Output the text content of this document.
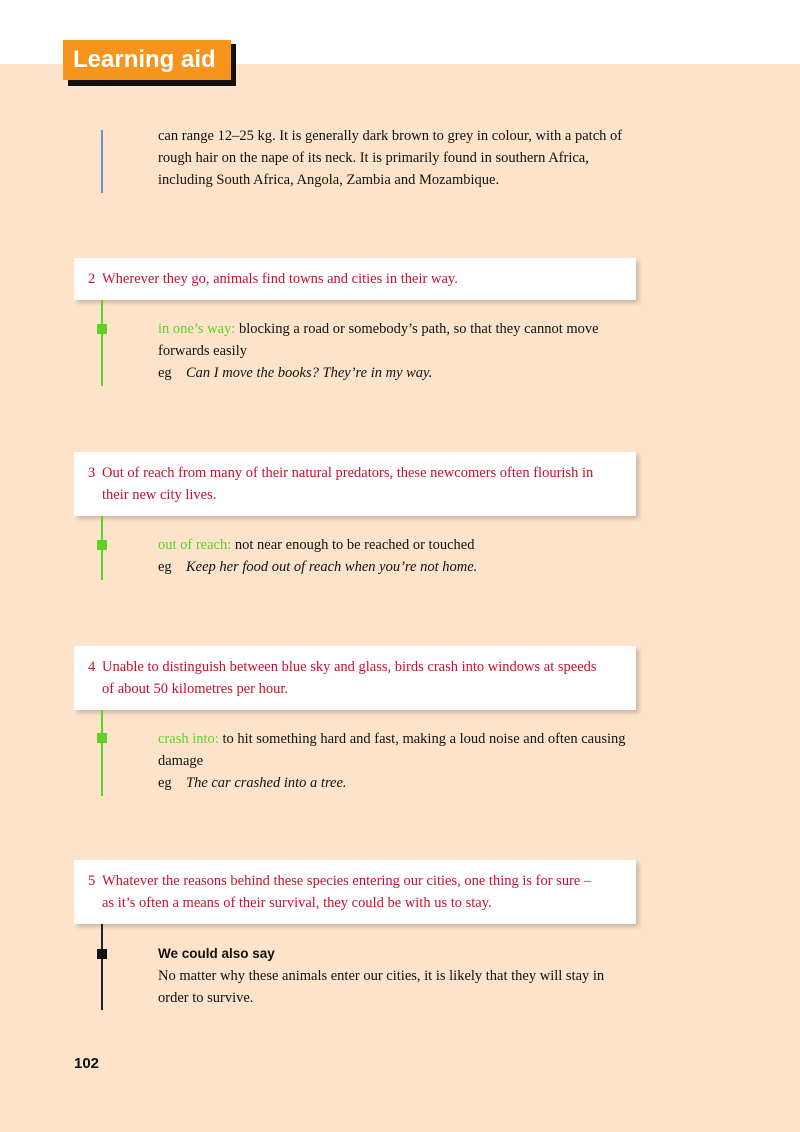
Learning aid
can range 12–25 kg. It is generally dark brown to grey in colour, with a patch of rough hair on the nape of its neck. It is primarily found in southern Africa, including South Africa, Angola, Zambia and Mozambique.
2 Wherever they go, animals find towns and cities in their way.
in one’s way: blocking a road or somebody’s path, so that they cannot move forwards easily
eg Can I move the books? They’re in my way.
3 Out of reach from many of their natural predators, these newcomers often flourish in their new city lives.
out of reach: not near enough to be reached or touched
eg Keep her food out of reach when you’re not home.
4 Unable to distinguish between blue sky and glass, birds crash into windows at speeds of about 50 kilometres per hour.
crash into: to hit something hard and fast, making a loud noise and often causing damage
eg The car crashed into a tree.
5 Whatever the reasons behind these species entering our cities, one thing is for sure – as it’s often a means of their survival, they could be with us to stay.
We could also say
No matter why these animals enter our cities, it is likely that they will stay in order to survive.
102
